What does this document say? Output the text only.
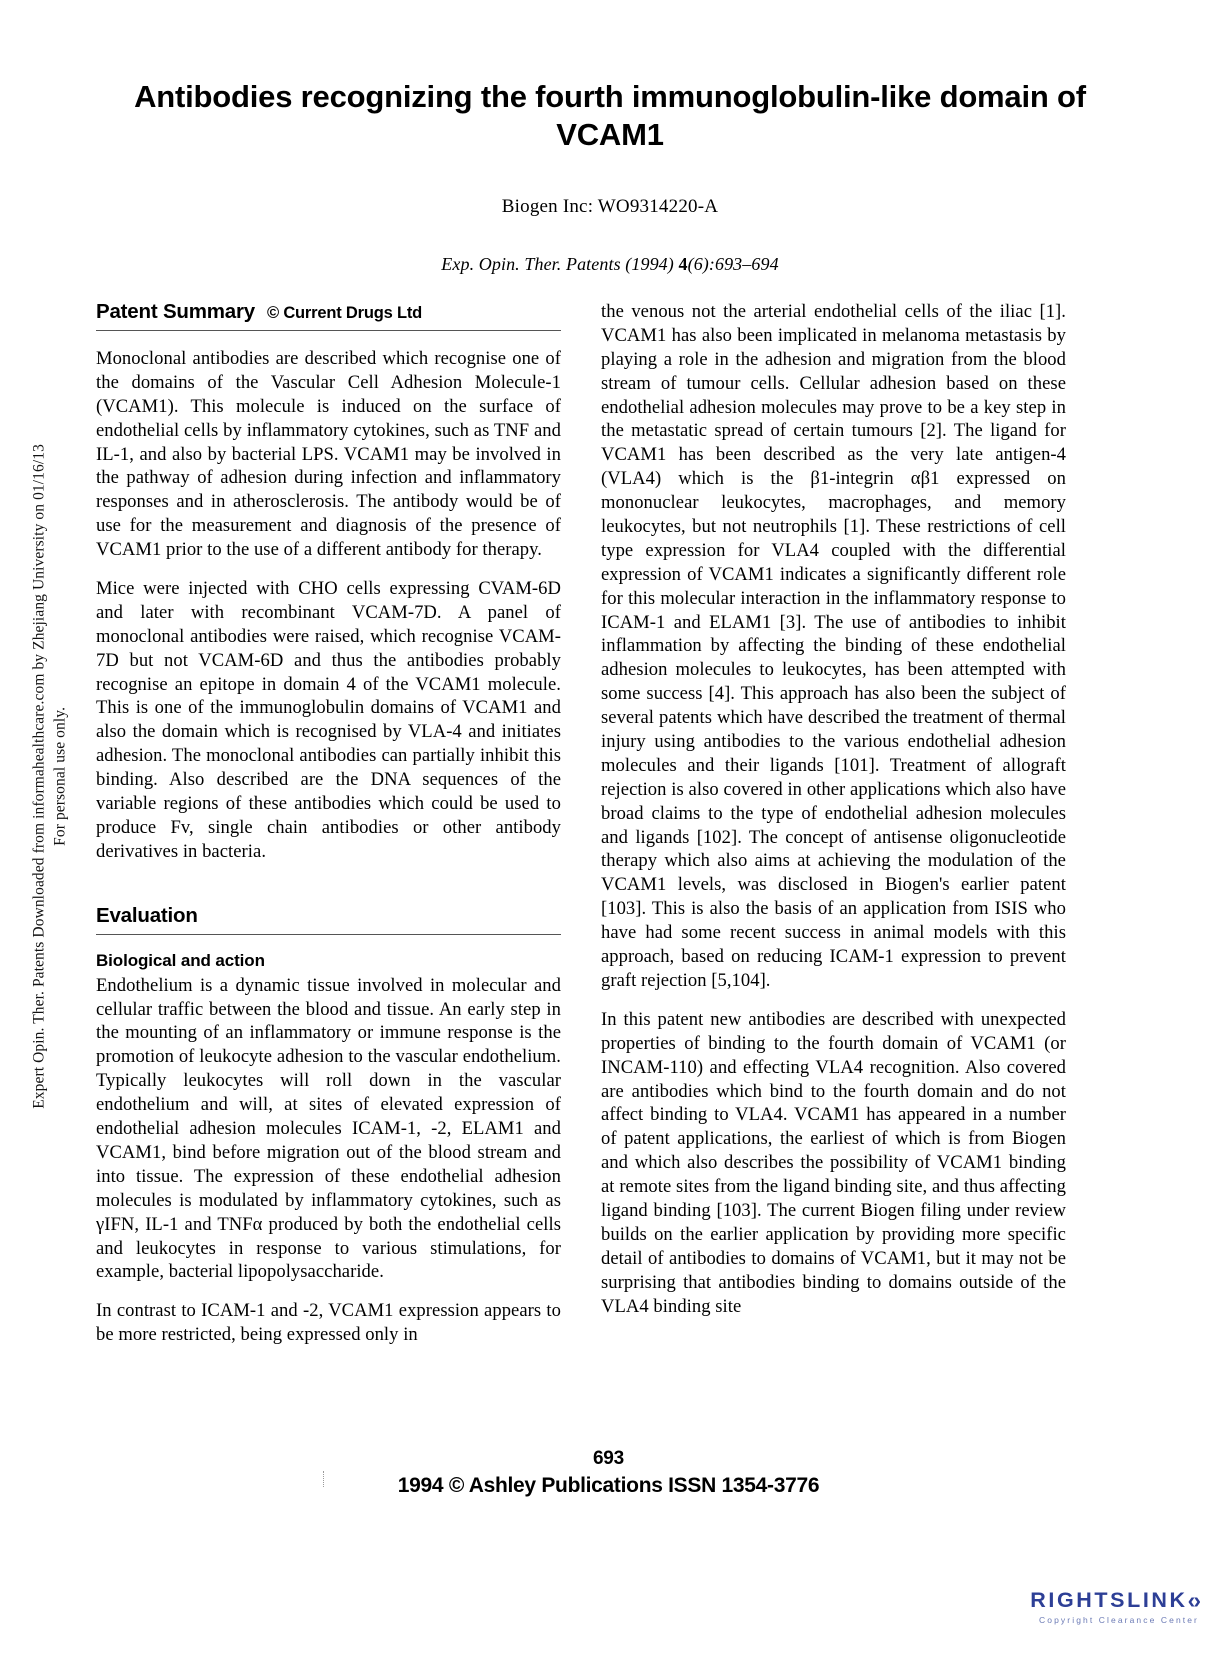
Expert Opin. Ther. Patents Downloaded from informahealthcare.com by Zhejiang University on 01/16/13 For personal use only.
Antibodies recognizing the fourth immunoglobulin-like domain of VCAM1
Biogen Inc: WO9314220-A
Exp. Opin. Ther. Patents (1994) 4(6):693–694
Patent Summary © Current Drugs Ltd

Monoclonal antibodies are described which recognise one of the domains of the Vascular Cell Adhesion Molecule-1 (VCAM1). This molecule is induced on the surface of endothelial cells by inflammatory cytokines, such as TNF and IL-1, and also by bacterial LPS. VCAM1 may be involved in the pathway of adhesion during infection and inflammatory responses and in atherosclerosis. The antibody would be of use for the measurement and diagnosis of the presence of VCAM1 prior to the use of a different antibody for therapy.

Mice were injected with CHO cells expressing CVAM-6D and later with recombinant VCAM-7D. A panel of monoclonal antibodies were raised, which recognise VCAM-7D but not VCAM-6D and thus the antibodies probably recognise an epitope in domain 4 of the VCAM1 molecule. This is one of the immunoglobulin domains of VCAM1 and also the domain which is recognised by VLA-4 and initiates adhesion. The monoclonal antibodies can partially inhibit this binding. Also described are the DNA sequences of the variable regions of these antibodies which could be used to produce Fv, single chain antibodies or other antibody derivatives in bacteria.

Evaluation
Biological and action

Endothelium is a dynamic tissue involved in molecular and cellular traffic between the blood and tissue. An early step in the mounting of an inflammatory or immune response is the promotion of leukocyte adhesion to the vascular endothelium. Typically leukocytes will roll down in the vascular endothelium and will, at sites of elevated expression of endothelial adhesion molecules ICAM-1, -2, ELAM1 and VCAM1, bind before migration out of the blood stream and into tissue. The expression of these endothelial adhesion molecules is modulated by inflammatory cytokines, such as γIFN, IL-1 and TNFα produced by both the endothelial cells and leukocytes in response to various stimulations, for example, bacterial lipopolysaccharide.

In contrast to ICAM-1 and -2, VCAM1 expression appears to be more restricted, being expressed only in

the venous not the arterial endothelial cells of the iliac [1]. VCAM1 has also been implicated in melanoma metastasis by playing a role in the adhesion and migration from the blood stream of tumour cells. Cellular adhesion based on these endothelial adhesion molecules may prove to be a key step in the metastatic spread of certain tumours [2]. The ligand for VCAM1 has been described as the very late antigen-4 (VLA4) which is the β1-integrin αβ1 expressed on mononuclear leukocytes, macrophages, and memory leukocytes, but not neutrophils [1]. These restrictions of cell type expression for VLA4 coupled with the differential expression of VCAM1 indicates a significantly different role for this molecular interaction in the inflammatory response to ICAM-1 and ELAM1 [3]. The use of antibodies to inhibit inflammation by affecting the binding of these endothelial adhesion molecules to leukocytes, has been attempted with some success [4]. This approach has also been the subject of several patents which have described the treatment of thermal injury using antibodies to the various endothelial adhesion molecules and their ligands [101]. Treatment of allograft rejection is also covered in other applications which also have broad claims to the type of endothelial adhesion molecules and ligands [102]. The concept of antisense oligonucleotide therapy which also aims at achieving the modulation of the VCAM1 levels, was disclosed in Biogen's earlier patent [103]. This is also the basis of an application from ISIS who have had some recent success in animal models with this approach, based on reducing ICAM-1 expression to prevent graft rejection [5,104].

In this patent new antibodies are described with unexpected properties of binding to the fourth domain of VCAM1 (or INCAM-110) and effecting VLA4 recognition. Also covered are antibodies which bind to the fourth domain and do not affect binding to VLA4. VCAM1 has appeared in a number of patent applications, the earliest of which is from Biogen and which also describes the possibility of VCAM1 binding at remote sites from the ligand binding site, and thus affecting ligand binding [103]. The current Biogen filing under review builds on the earlier application by providing more specific detail of antibodies to domains of VCAM1, but it may not be surprising that antibodies binding to domains outside of the VLA4 binding site

693
1994 © Ashley Publications ISSN 1354-3776
RIGHTSLINK‹›
Copyright Clearance Center
